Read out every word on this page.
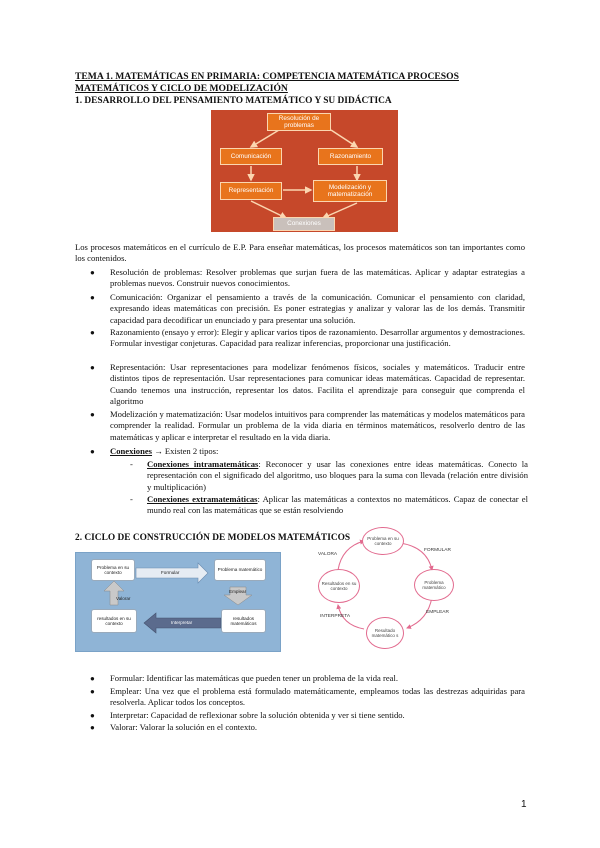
TEMA 1. MATEMÁTICAS EN PRIMARIA: COMPETENCIA MATEMÁTICA PROCESOS MATEMÁTICOS Y CICLO DE MODELIZACIÓN
1. DESARROLLO DEL PENSAMIENTO MATEMÁTICO Y SU DIDÁCTICA
Resolución de problemas
Comunicación	Razonamiento
Representación
Modelización y matematización
Conexiones
Los procesos matemáticos en el currículo de E.P. Para enseñar matemáticas, los procesos matemáticos son tan importantes como los contenidos.
● Resolución de problemas: Resolver problemas que surjan fuera de las matemáticas. Aplicar y adaptar estrategias a problemas nuevos. Construir nuevos conocimientos.
● Comunicación: Organizar el pensamiento a través de la comunicación. Comunicar el pensamiento con claridad, expresando ideas matemáticas con precisión. Es poner estrategias y analizar y valorar las de los demás. Transmitir capacidad para decodificar un enunciado y para presentar una solución.
● Razonamiento (ensayo y error): Elegir y aplicar varios tipos de razonamiento. Desarrollar argumentos y demostraciones. Formular investigar conjeturas. Capacidad para realizar inferencias, proporcionar una justificación.
● Representación: Usar representaciones para modelizar fenómenos físicos, sociales y matemáticos. Traducir entre distintos tipos de representación. Usar representaciones para comunicar ideas matemáticas. Capacidad de representar. Cuando tenemos una instrucción, representar los datos. Facilita el aprendizaje para conseguir que comprenda el algoritmo
● Modelización y matematización: Usar modelos intuitivos para comprender las matemáticas y modelos matemáticos para comprender la realidad. Formular un problema de la vida diaria en términos matemáticos, resolverlo dentro de las matemáticas y aplicar e interpretar el resultado en la vida diaria.
● Conexiones → Existen 2 tipos:
- Conexiones intramatemáticas: Reconocer y usar las conexiones entre ideas matemáticas. Conecto la representación con el significado del algoritmo, uso bloques para la suma con llevada (relación entre división y multiplicación)
- Conexiones extramatemáticas: Aplicar las matemáticas a contextos no matemáticos. Capaz de conectar el mundo real con las matemáticas que se están resolviendo
2. CICLO DE CONSTRUCCIÓN DE MODELOS MATEMÁTICOS
Problema en su contexto
Problema matemático
resultados en su contexto
resultados matemáticos
Formular
Valorar
Emplear
Interpretar
Problema en su contexto
Problema matemático
Resultado matemático s
Resultados en su contexto
VALORA
FORMULAR
EMPLEAR
INTERPRETA
● Formular: Identificar las matemáticas que pueden tener un problema de la vida real.
● Emplear: Una vez que el problema está formulado matemáticamente, empleamos todas las destrezas adquiridas para resolverla. Aplicar todos los conceptos.
● Interpretar: Capacidad de reflexionar sobre la solución obtenida y ver si tiene sentido.
● Valorar: Valorar la solución en el contexto.
1
